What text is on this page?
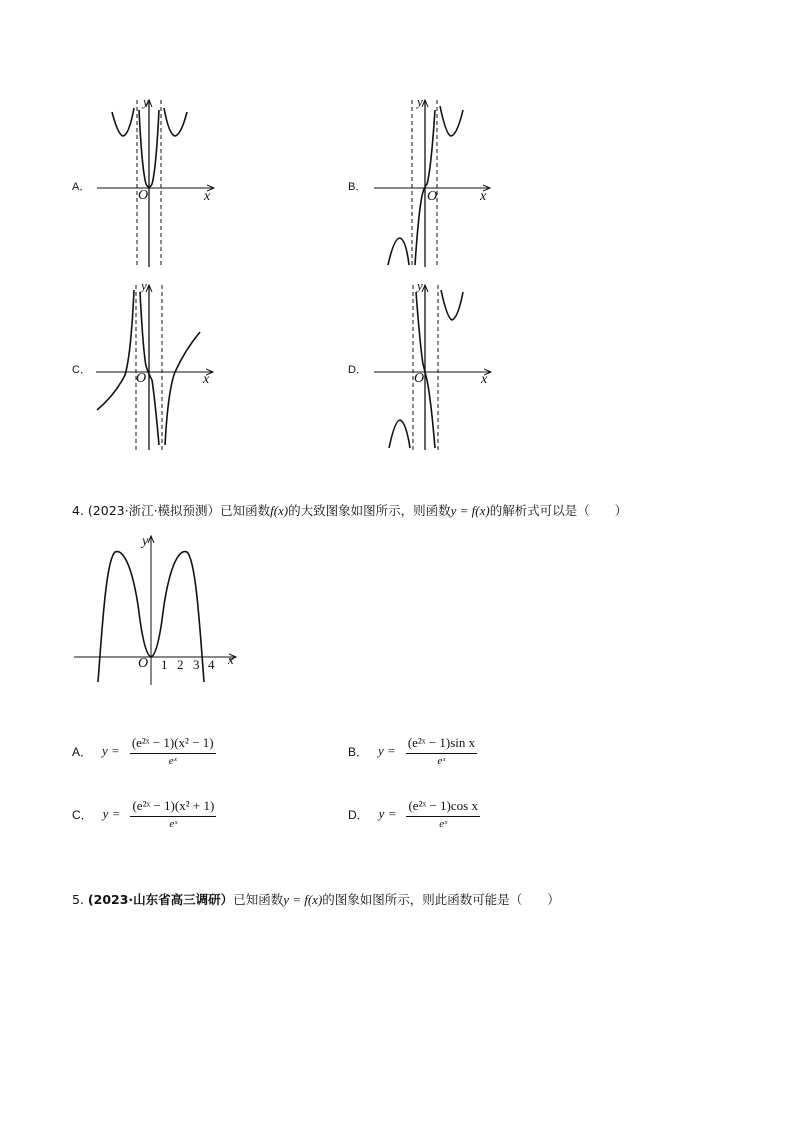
A．	B．
C．	D．
y
x
O
y
x
O
y
x
O
y
x
O
4. (2023·浙江·模拟预测）已知函数f(x)的大致图象如图所示，则函数y = f(x)的解析式可以是（　　）
y
x
O 1 2 3 4
A． $y = \frac{\text{(e²ˣ − 1)(x² − 1)}}{\text{eˣ}}$	B． $y = \frac{\text{(e²ˣ − 1)sin x}}{\text{eˣ}}$
C． $y = \frac{\text{(e²ˣ − 1)(x² + 1)}}{\text{eˣ}}$	D． $y = \frac{\text{(e²ˣ − 1)cos x}}{\text{eˣ}}$
5. (2023·山东省高三调研）已知函数y = f(x)的图象如图所示，则此函数可能是（　　）
